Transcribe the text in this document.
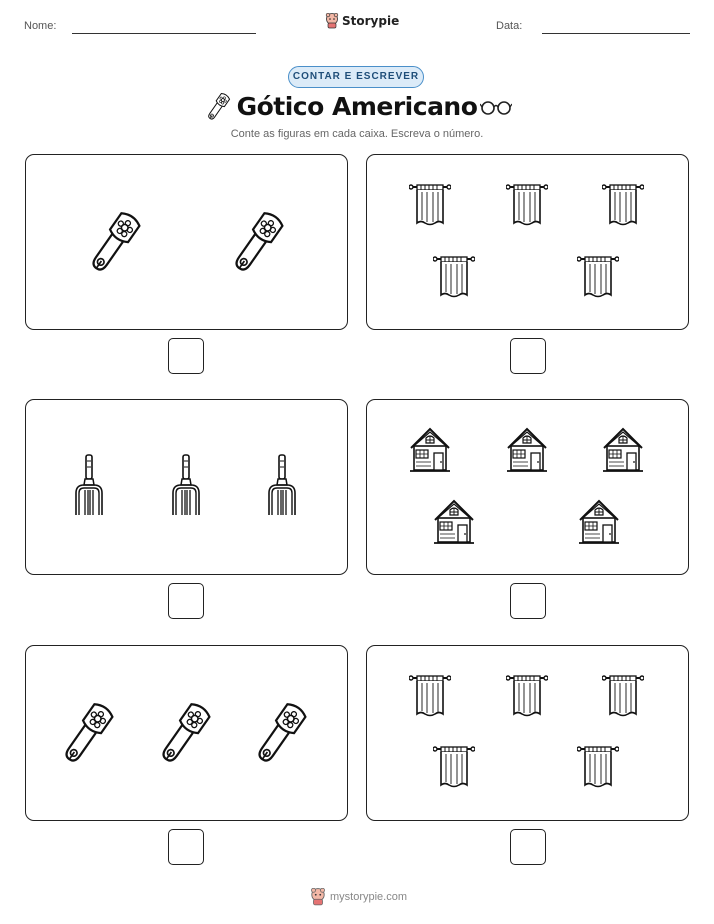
Nome:	Storypie	Data:
CONTAR E ESCREVER
Gótico Americano
Conte as figuras em cada caixa. Escreva o número.
mystorypie.com
